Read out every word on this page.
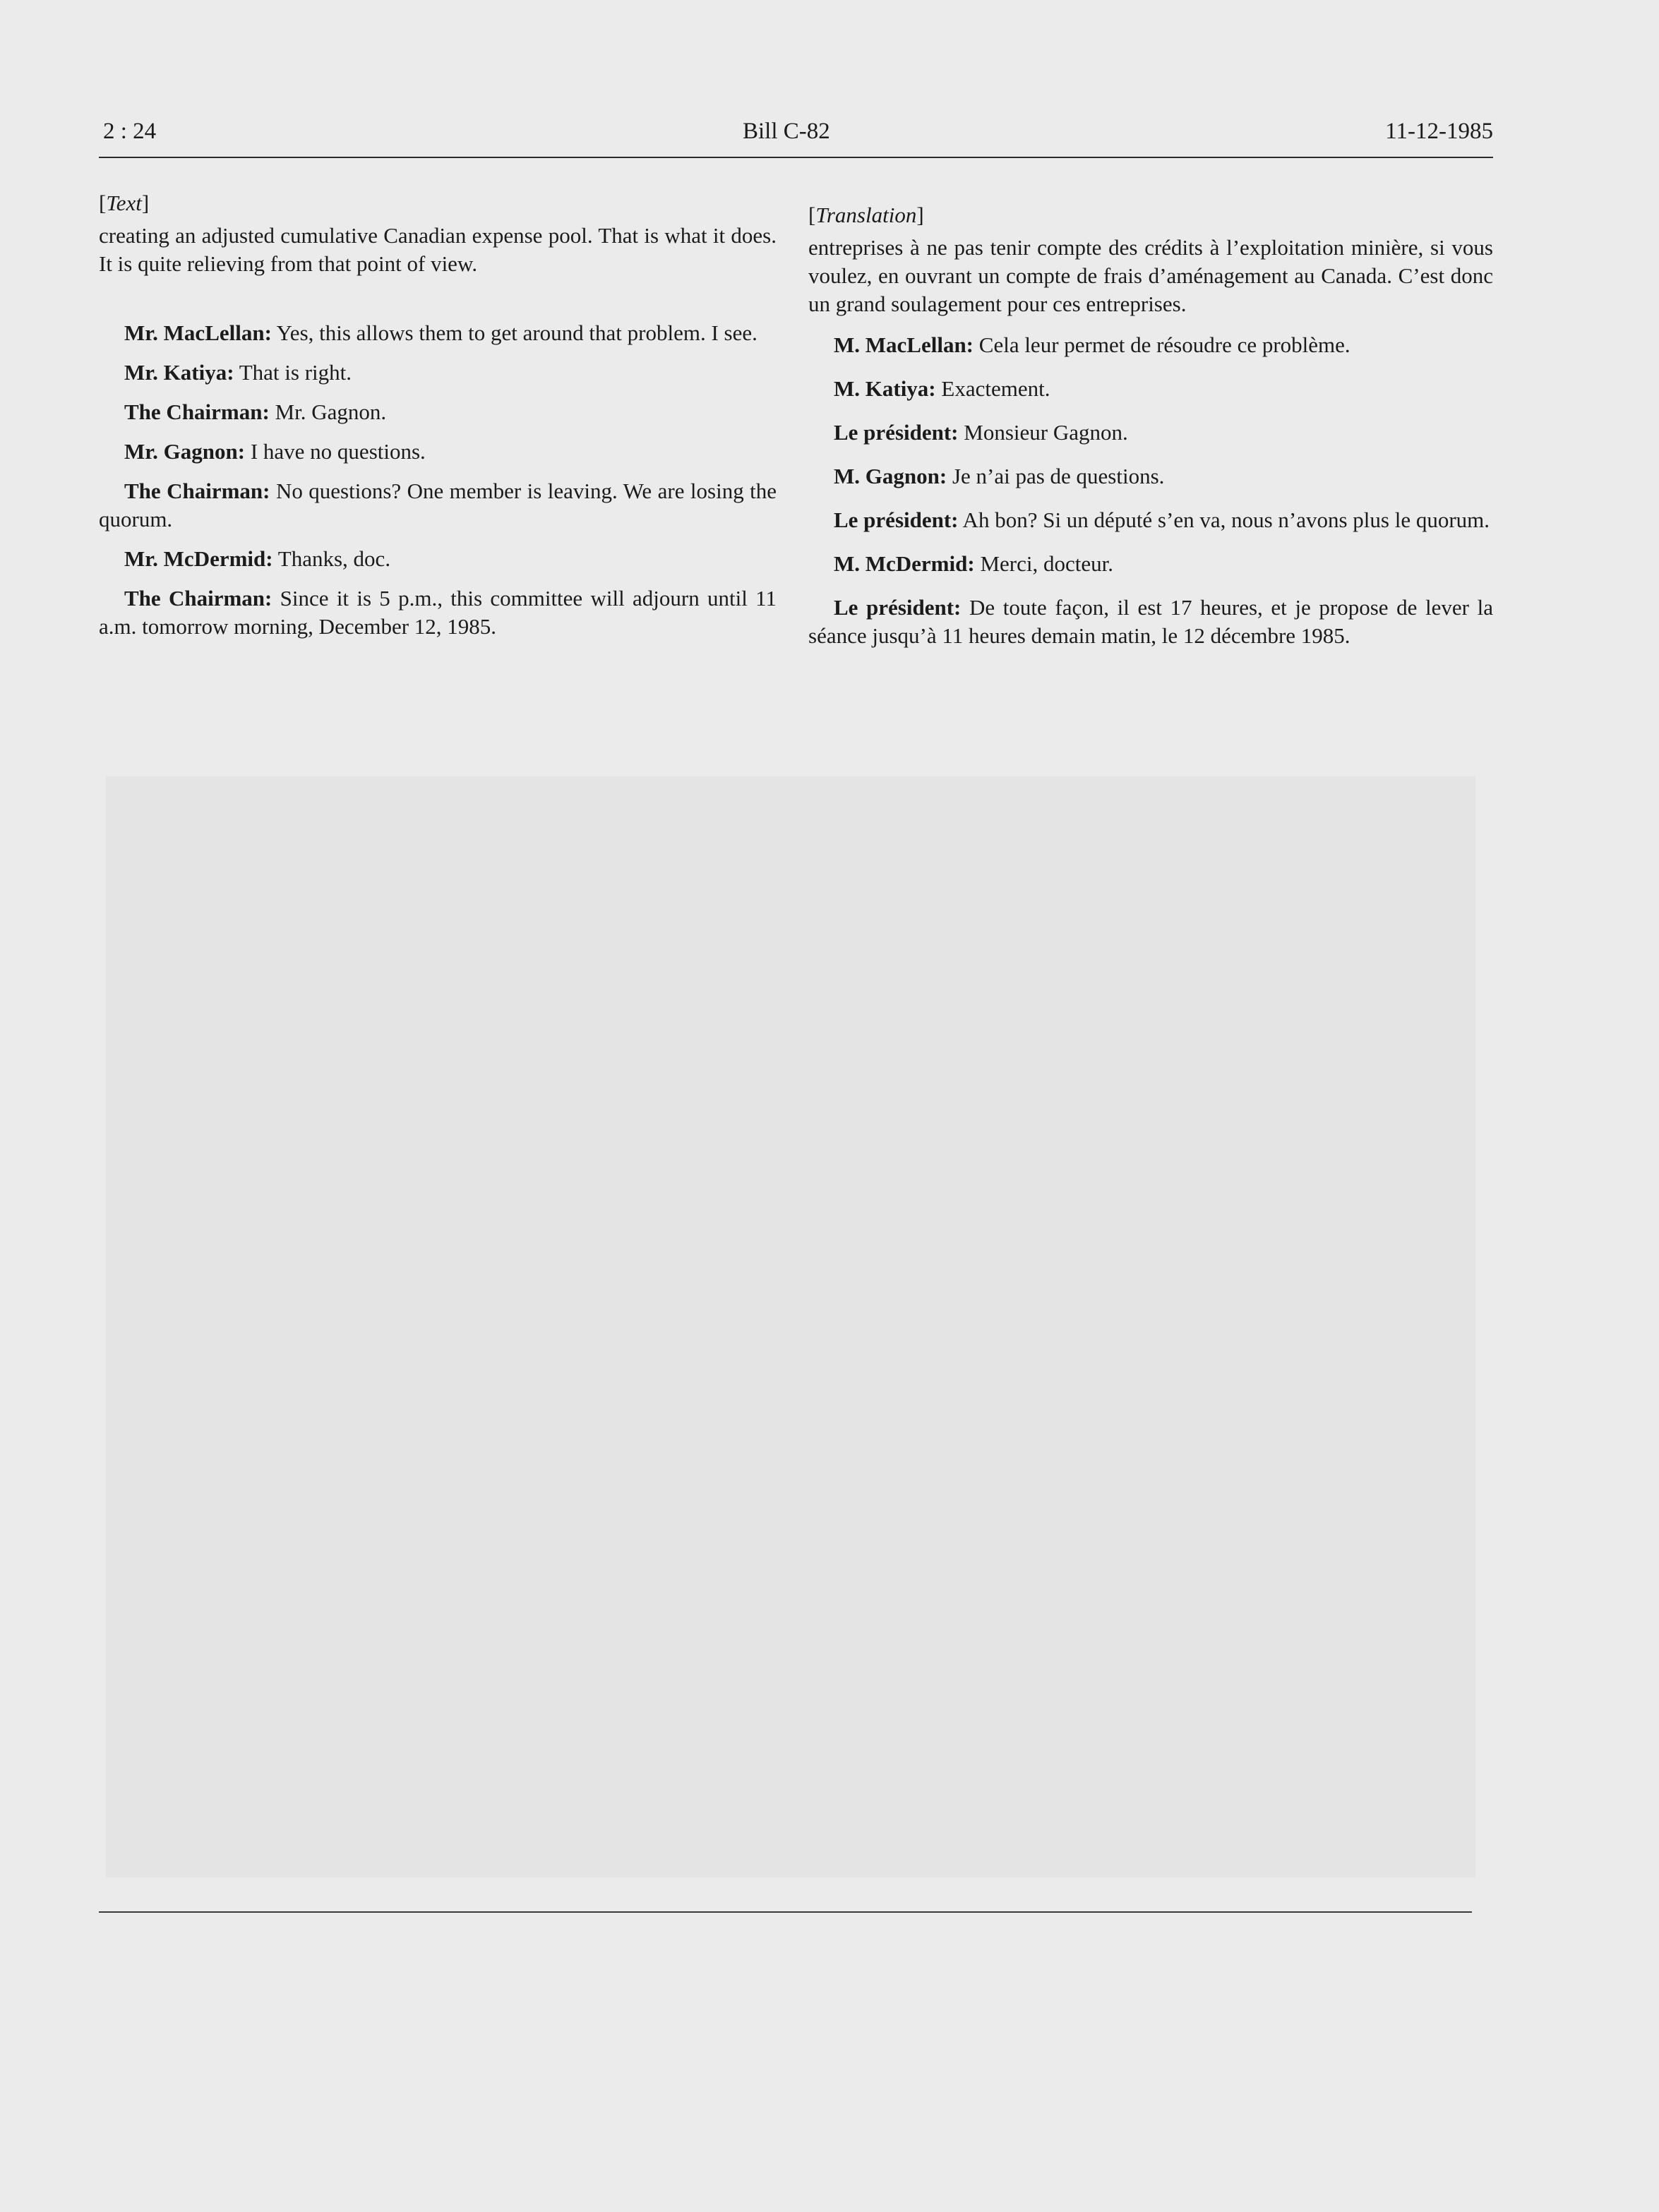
2 : 24	Bill C-82	11-12-1985

[ Text ]

creating an adjusted cumulative Canadian expense pool. That is what it does. It is quite relieving from that point of view.

Mr. MacLellan: Yes, this allows them to get around that problem. I see.

Mr. Katiya: That is right.

The Chairman: Mr. Gagnon.

Mr. Gagnon: I have no questions.

The Chairman: No questions? One member is leaving. We are losing the quorum.

Mr. McDermid: Thanks, doc.

The Chairman: Since it is 5 p.m., this committee will adjourn until 11 a.m. tomorrow morning, December 12, 1985.

[ Translation ]

entreprises à ne pas tenir compte des crédits à l’exploitation minière, si vous voulez, en ouvrant un compte de frais d’aménagement au Canada. C’est donc un grand soulagement pour ces entreprises.

M. MacLellan: Cela leur permet de résoudre ce problème.

M. Katiya: Exactement.

Le président: Monsieur Gagnon.

M. Gagnon: Je n’ai pas de questions.

Le président: Ah bon? Si un député s’en va, nous n’avons plus le quorum.

M. McDermid: Merci, docteur.

Le président: De toute façon, il est 17 heures, et je propose de lever la séance jusqu’à 11 heures demain matin, le 12 décembre 1985.
